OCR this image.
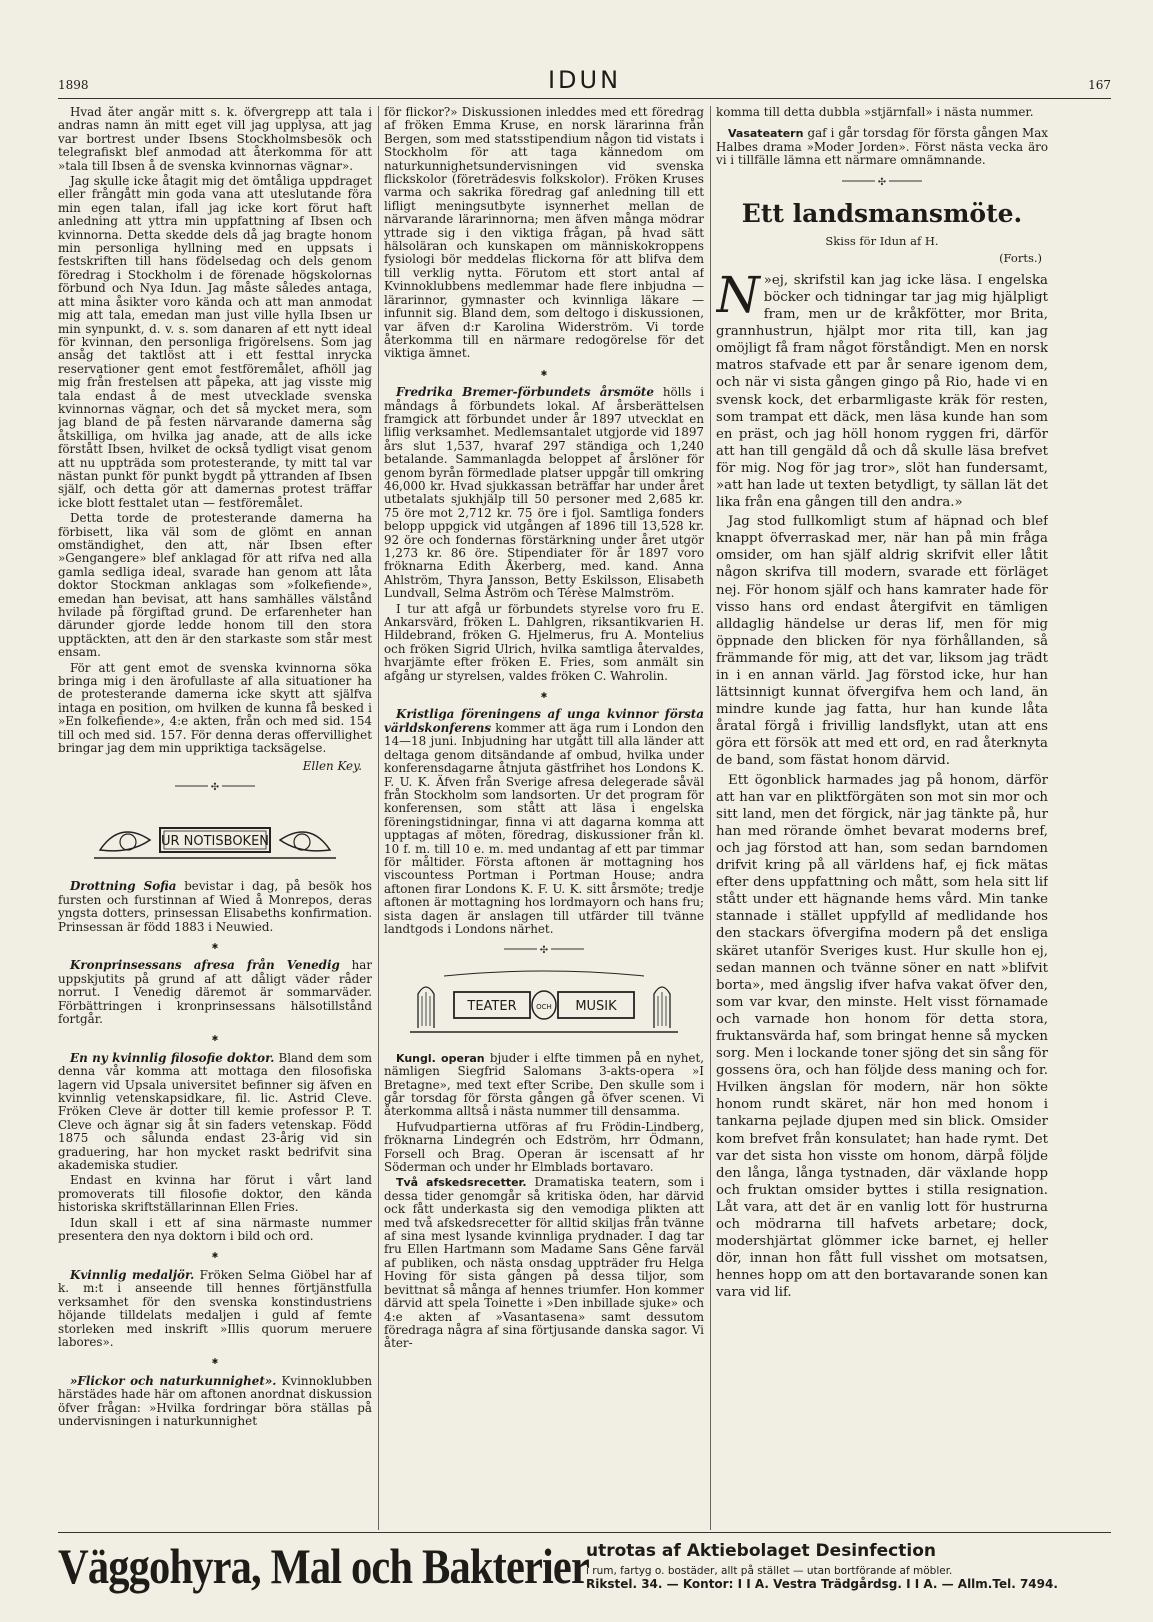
1898	IDUN	167

Hvad åter angår mitt s. k. öfvergrepp att tala i andras namn än mitt eget vill jag upplysa, att jag var bortrest under Ibsens Stockholmsbesök och telegrafiskt blef anmodad att återkomma för att »tala till Ibsen å de svenska kvinnornas vägnar».

Jag skulle icke åtagit mig det ömtåliga uppdraget eller frångått min goda vana att uteslutande föra min egen talan, ifall jag icke kort förut haft anledning att yttra min uppfattning af Ibsen och kvinnorna. Detta skedde dels då jag bragte honom min personliga hyllning med en uppsats i festskriften till hans födelsedag och dels genom föredrag i Stockholm i de förenade högskolornas förbund och Nya Idun. Jag måste således antaga, att mina åsikter voro kända och att man anmodat mig att tala, emedan man just ville hylla Ibsen ur min synpunkt, d. v. s. som danaren af ett nytt ideal för kvinnan, den personliga frigörelsens. Som jag ansåg det taktlöst att i ett festtal inrycka reservationer gent emot festföremålet, afhöll jag mig från frestelsen att påpeka, att jag visste mig tala endast å de mest utvecklade svenska kvinnornas vägnar, och det så mycket mera, som jag bland de på festen närvarande damerna såg åtskilliga, om hvilka jag anade, att de alls icke förstått Ibsen, hvilket de också tydligt visat genom att nu uppträda som protesterande, ty mitt tal var nästan punkt för punkt bygdt på yttranden af Ibsen själf, och detta gör att damernas protest träffar icke blott festtalet utan — festföremålet.

Detta torde de protesterande damerna ha förbisett, lika väl som de glömt en annan omständighet, den att, när Ibsen efter »Gengangere» blef anklagad för att rifva ned alla gamla sedliga ideal, svarade han genom att låta doktor Stockman anklagas som »folkefiende», emedan han bevisat, att hans samhälles välstånd hvilade på förgiftad grund. De erfarenheter han därunder gjorde ledde honom till den stora upptäckten, att den är den starkaste som står mest ensam.

För att gent emot de svenska kvinnorna söka bringa mig i den ärofullaste af alla situationer ha de protesterande damerna icke skytt att själfva intaga en position, om hvilken de kunna få besked i »En folkefiende», 4:e akten, från och med sid. 154 till och med sid. 157. För denna deras offervillighet bringar jag dem min uppriktiga tacksägelse.

Ellen Key.
✣
UR NOTISBOKEN

Drottning Sofia bevistar i dag, på besök hos fursten och furstinnan af Wied å Monrepos, deras yngsta dotters, prinsessan Elisabeths konfirmation. Prinsessan är född 1883 i Neuwied.

✱

Kronprinsessans afresa från Venedig har uppskjutits på grund af att dåligt väder råder norrut. I Venedig däremot är sommarväder. Förbättringen i kronprinsessans hälsotillstånd fortgår.

✱

En ny kvinnlig filosofie doktor. Bland dem som denna vår komma att mottaga den filosofiska lagern vid Upsala universitet befinner sig äfven en kvinnlig vetenskapsidkare, fil. lic. Astrid Cleve. Fröken Cleve är dotter till kemie professor P. T. Cleve och ägnar sig åt sin faders vetenskap. Född 1875 och sålunda endast 23-årig vid sin graduering, har hon mycket raskt bedrifvit sina akademiska studier.

Endast en kvinna har förut i vårt land promoverats till filosofie doktor, den kända historiska skriftställarinnan Ellen Fries.

Idun skall i ett af sina närmaste nummer presentera den nya doktorn i bild och ord.

✱

Kvinnlig medaljör. Fröken Selma Giöbel har af k. m:t i anseende till hennes förtjänstfulla verksamhet för den svenska konstindustriens höjande tilldelats medaljen i guld af femte storleken med inskrift »Illis quorum meruere labores».

✱

»Flickor och naturkunnighet». Kvinnoklubben härstädes hade här om aftonen anordnat diskussion öfver frågan: »Hvilka fordringar böra ställas på undervisningen i naturkunnighet

för flickor?» Diskussionen inleddes med ett föredrag af fröken Emma Kruse, en norsk lärarinna från Bergen, som med statsstipendium någon tid vistats i Stockholm för att taga kännedom om naturkunnighetsundervisningen vid svenska flickskolor (företrädesvis folkskolor). Fröken Kruses varma och sakrika föredrag gaf anledning till ett lifligt meningsutbyte isynnerhet mellan de närvarande lärarinnorna; men äfven många mödrar yttrade sig i den viktiga frågan, på hvad sätt hälsoläran och kunskapen om människokroppens fysiologi bör meddelas flickorna för att blifva dem till verklig nytta. Förutom ett stort antal af Kvinnoklubbens medlemmar hade flere inbjudna — lärarinnor, gymnaster och kvinnliga läkare — infunnit sig. Bland dem, som deltogo i diskussionen, var äfven d:r Karolina Widerström. Vi torde återkomma till en närmare redogörelse för det viktiga ämnet.

✱

Fredrika Bremer-förbundets årsmöte hölls i måndags å förbundets lokal. Af årsberättelsen framgick att förbundet under år 1897 utvecklat en liflig verksamhet. Medlemsantalet utgjorde vid 1897 års slut 1,537, hvaraf 297 ständiga och 1,240 betalande. Sammanlagda beloppet af årslöner för genom byrån förmedlade platser uppgår till omkring 46,000 kr. Hvad sjukkassan beträffar har under året utbetalats sjukhjälp till 50 personer med 2,685 kr. 75 öre mot 2,712 kr. 75 öre i fjol. Samtliga fonders belopp uppgick vid utgången af 1896 till 13,528 kr. 92 öre och fondernas förstärkning under året utgör 1,273 kr. 86 öre. Stipendiater för år 1897 voro fröknarna Edith Åkerberg, med. kand. Anna Ahlström, Thyra Jansson, Betty Eskilsson, Elisabeth Lundvall, Selma Åström och Térèse Malmström.

I tur att afgå ur förbundets styrelse voro fru E. Ankarsvärd, fröken L. Dahlgren, riksantikvarien H. Hildebrand, fröken G. Hjelmerus, fru A. Montelius och fröken Sigrid Ulrich, hvilka samtliga återvaldes, hvarjämte efter fröken E. Fries, som anmält sin afgång ur styrelsen, valdes fröken C. Wahrolin.

✱

Kristliga föreningens af unga kvinnor första världskonferens kommer att äga rum i London den 14—18 juni. Inbjudning har utgått till alla länder att deltaga genom ditsändande af ombud, hvilka under konferensdagarne åtnjuta gästfrihet hos Londons K. F. U. K. Äfven från Sverige afresa delegerade såväl från Stockholm som landsorten. Ur det program för konferensen, som stått att läsa i engelska föreningstidningar, finna vi att dagarna komma att upptagas af möten, föredrag, diskussioner från kl. 10 f. m. till 10 e. m. med undantag af ett par timmar för måltider. Första aftonen är mottagning hos viscountess Portman i Portman House; andra aftonen firar Londons K. F. U. K. sitt årsmöte; tredje aftonen är mottagning hos lordmayorn och hans fru; sista dagen är anslagen till utfärder till tvänne landtgods i Londons närhet.

✣
TEATER	OCH MUSIK

Kungl. operan bjuder i elfte timmen på en nyhet, nämligen Siegfrid Salomans 3-akts-opera »I Bretagne», med text efter Scribe. Den skulle som i går torsdag för första gången gå öfver scenen. Vi återkomma alltså i nästa nummer till densamma.

Hufvudpartierna utföras af fru Frödin-Lindberg, fröknarna Lindegrén och Edström, hrr Ödmann, Forsell och Brag. Operan är iscensatt af hr Söderman och under hr Elmblads bortavaro.

Två afskedsrecetter. Dramatiska teatern, som i dessa tider genomgår så kritiska öden, har därvid ock fått underkasta sig den vemodiga plikten att med två afskedsrecetter för alltid skiljas från tvänne af sina mest lysande kvinnliga prydnader. I dag tar fru Ellen Hartmann som Madame Sans Gêne farväl af publiken, och nästa onsdag uppträder fru Helga Hoving för sista gången på dessa tiljor, som bevittnat så många af hennes triumfer. Hon kommer därvid att spela Toinette i »Den inbillade sjuke» och 4:e akten af »Vasantasena» samt dessutom föredraga några af sina förtjusande danska sagor. Vi åter-

komma till detta dubbla »stjärnfall» i nästa nummer.

Vasateatern gaf i går torsdag för första gången Max Halbes drama »Moder Jorden». Först nästa vecka äro vi i tillfälle lämna ett närmare omnämnande.

✣
Ett landsmansmöte.
Skiss för Idun af H.
(Forts.)

»
N ej, skrifstil kan jag icke läsa. I engelska böcker och tidningar tar jag mig hjälpligt fram, men ur de kråkfötter, mor Brita, grannhustrun, hjälpt mor rita till, kan jag omöjligt få fram något förståndigt. Men en norsk matros stafvade ett par år senare igenom dem, och när vi sista gången gingo på Rio, hade vi en svensk kock, det erbarmligaste kräk för resten, som trampat ett däck, men läsa kunde han som en präst, och jag höll honom ryggen fri, därför att han till gengäld då och då skulle läsa brefvet för mig. Nog för jag tror», slöt han fundersamt, »att han lade ut texten betydligt, ty sällan lät det lika från ena gången till den andra.»

Jag stod fullkomligt stum af häpnad och blef knappt öfverraskad mer, när han på min fråga omsider, om han själf aldrig skrifvit eller låtit någon skrifva till modern, svarade ett förläget nej. För honom själf och hans kamrater hade för visso hans ord endast återgifvit en tämligen alldaglig händelse ur deras lif, men för mig öppnade den blicken för nya förhållanden, så främmande för mig, att det var, liksom jag trädt in i en annan värld. Jag förstod icke, hur han lättsinnigt kunnat öfvergifva hem och land, än mindre kunde jag fatta, hur han kunde låta åratal förgå i frivillig landsflykt, utan att ens göra ett försök att med ett ord, en rad återknyta de band, som fästat honom därvid.

Ett ögonblick harmades jag på honom, därför att han var en pliktförgäten son mot sin mor och sitt land, men det förgick, när jag tänkte på, hur han med rörande ömhet bevarat moderns bref, och jag förstod att han, som sedan barndomen drifvit kring på all världens haf, ej fick mätas efter dens uppfattning och mått, som hela sitt lif stått under ett hägnande hems vård. Min tanke stannade i stället uppfylld af medlidande hos den stackars öfvergifna modern på det ensliga skäret utanför Sveriges kust. Hur skulle hon ej, sedan mannen och tvänne söner en natt »blifvit borta», med ängslig ifver hafva vakat öfver den, som var kvar, den minste. Helt visst förnamade och varnade hon honom för detta stora, fruktansvärda haf, som bringat henne så mycken sorg. Men i lockande toner sjöng det sin sång för gossens öra, och han följde dess maning och for. Hvilken ängslan för modern, när hon sökte honom rundt skäret, när hon med honom i tankarna pejlade djupen med sin blick. Omsider kom brefvet från konsulatet; han hade rymt. Det var det sista hon visste om honom, därpå följde den långa, långa tystnaden, där växlande hopp och fruktan omsider byttes i stilla resignation. Låt vara, att det är en vanlig lott för hustrurna och mödrarna till hafvets arbetare; dock, modershjärtat glömmer icke barnet, ej heller dör, innan hon fått full visshet om motsatsen, hennes hopp om att den bortavarande sonen kan vara vid lif.

Väggohyra, Mal och Bakterier
utrotas af Aktiebolaget Desinfection
i rum, fartyg o. bostäder, allt på stället — utan bortförande af möbler.
Rikstel. 34. — Kontor: I I A. Vestra Trädgårdsg. I I A. — Allm.Tel. 7494.
